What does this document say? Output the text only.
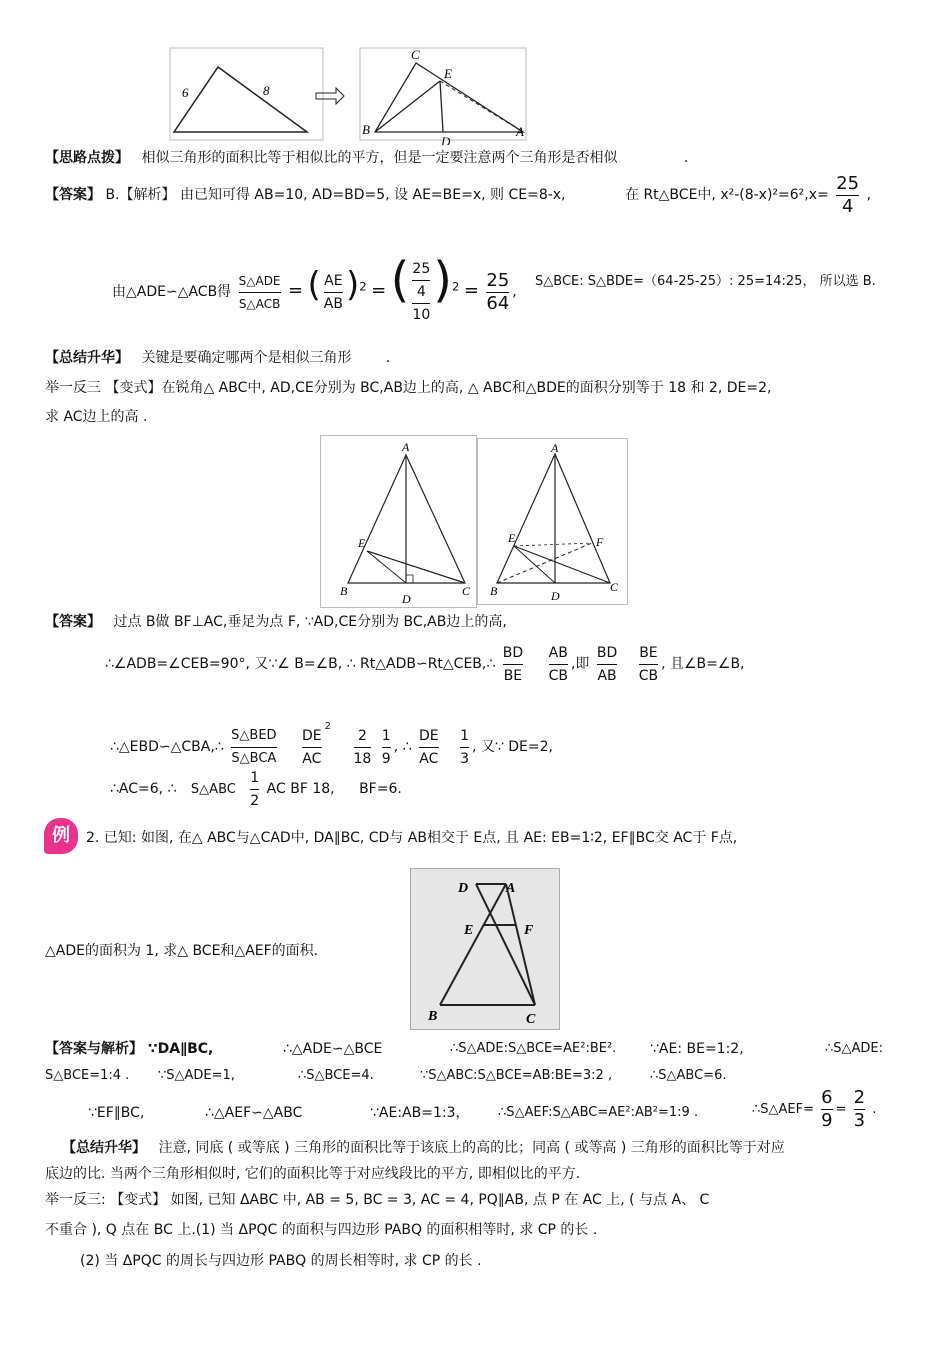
6	8
C
E
B
D
A
【思路点拨】 相似三角形的面积比等于相似比的平方，但是一定要注意两个三角形是否相似	.
【答案】 B.【解析】 由已知可得 AB=10, AD=BD=5, 设 AE=BE=x, 则 CE=8-x,	在 Rt△BCE中, $x^2-(8-x)^2=6^2,x= \frac{25}{4}$ ,
由△ADE∽△ACB得 $\frac{\text{S△ADE}}{\text{S△ACB}}$ = ( $\frac{AE}{AB} )^2$ = ( 25
4
10 )$^2 = \frac{25}{64}$ ,
S△BCE: S△BDE=（64-25-25）: 25=14:25， 所以选 B.
【总结升华】 关键是要确定哪两个是相似三角形 .
举一反三 【变式】在锐角△ ABC中, AD,CE分别为 BC,AB边上的高, △ ABC和△BDE的面积分别等于 18 和 2, DE=2,
求 AC边上的高 .
A
E
B
D
C
A
E	F
B	D
C
【答案】 过点 B做 BF⊥AC,垂足为点 F, ∵AD,CE分别为 BC,AB边上的高,
∴∠ADB=∠CEB=90°, 又∵∠ B=∠B, ∴ Rt△ADB∽Rt△CEB,∴ $\frac{BD}{BE}$
$\frac{AB}{CB}$ ,即 $\frac{BD}{AB}$
$\frac{BE}{CB}$ , 且∠B=∠B,
∴△EBD∽△CBA,∴ $\frac{\text{S△BED}}{\text{S△BCA}}$
$\frac{DE}{AC} ^2 \frac{2}{18}$
$\frac{1}{9}$ , ∴ $\frac{DE}{AC}$
$\frac{1}{3}$ , 又∵ DE=2,
∴AC=6, ∴ S△ABC $\frac{1}{2}$ AC BF 18, BF=6.
例	2. 已知: 如图, 在△ ABC与△CAD中, DA∥BC, CD与 AB相交于 E点, 且 AE: EB=1∶2, EF∥BC交 AC于 F点,
D	A
E	F
B	C
△ADE的面积为 1, 求△ BCE和△AEF的面积.
【答案与解析】 ∵DA∥BC,	∴△ADE∽△BCE	∴S△ADE:S△BCE=AE²:BE². ∵AE: BE=1:2,	∴S△ADE:
S△BCE=1:4 . ∵S△ADE=1,	∴S△BCE=4.	∵S△ABC:S△BCE=AB:BE=3:2 ,	∴S△ABC=6.
∵EF∥BC,	∴△AEF∽△ABC	∵AE:AB=1:3， ∴S△AEF:S△ABC=AE²:AB²=1:9 .	∴S△AEF= $\frac{6}{9} = \frac{2}{3}$ .
【总结升华】 注意, 同底 ( 或等底 ) 三角形的面积比等于该底上的高的比；同高 ( 或等高 ) 三角形的面积比等于对应
底边的比. 当两个三角形相似时, 它们的面积比等于对应线段比的平方, 即相似比的平方.
举一反三: 【变式】 如图, 已知 ΔABC 中, AB = 5, BC = 3, AC = 4, PQ∥AB, 点 P 在 AC 上, ( 与点 A、 C
不重合 ), Q 点在 BC 上.(1) 当 ΔPQC 的面积与四边形 PABQ 的面积相等时, 求 CP 的长 .
(2) 当 ΔPQC 的周长与四边形 PABQ 的周长相等时, 求 CP 的长 .
